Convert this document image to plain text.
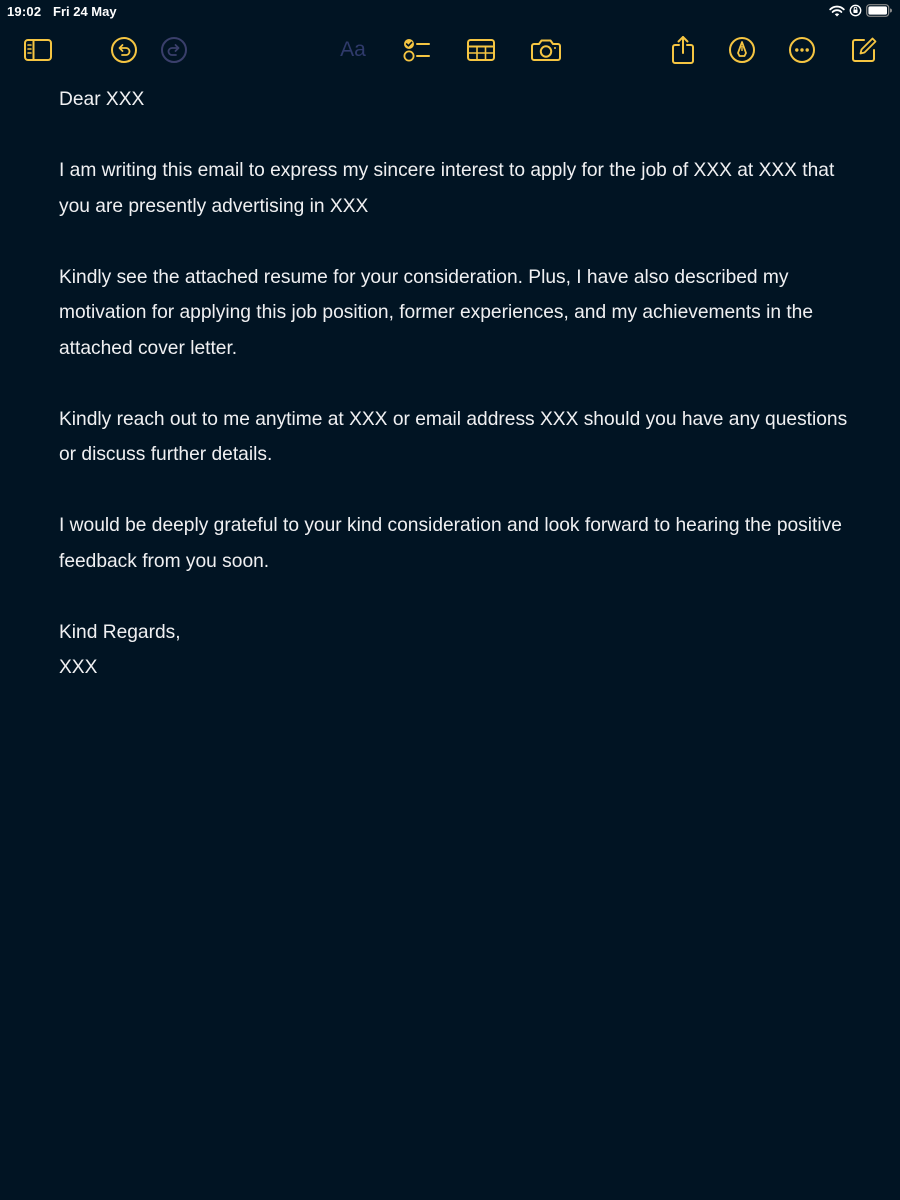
19:02 Fri 24 May
Aa

Dear XXX

I am writing this email to express my sincere interest to apply for the job of XXX at XXX that you are presently advertising in XXX

Kindly see the attached resume for your consideration. Plus, I have also described my motivation for applying this job position, former experiences, and my achievements in the attached cover letter.

Kindly reach out to me anytime at XXX or email address XXX should you have any questions or discuss further details.

I would be deeply grateful to your kind consideration and look forward to hearing the positive feedback from you soon.

Kind Regards,

XXX
